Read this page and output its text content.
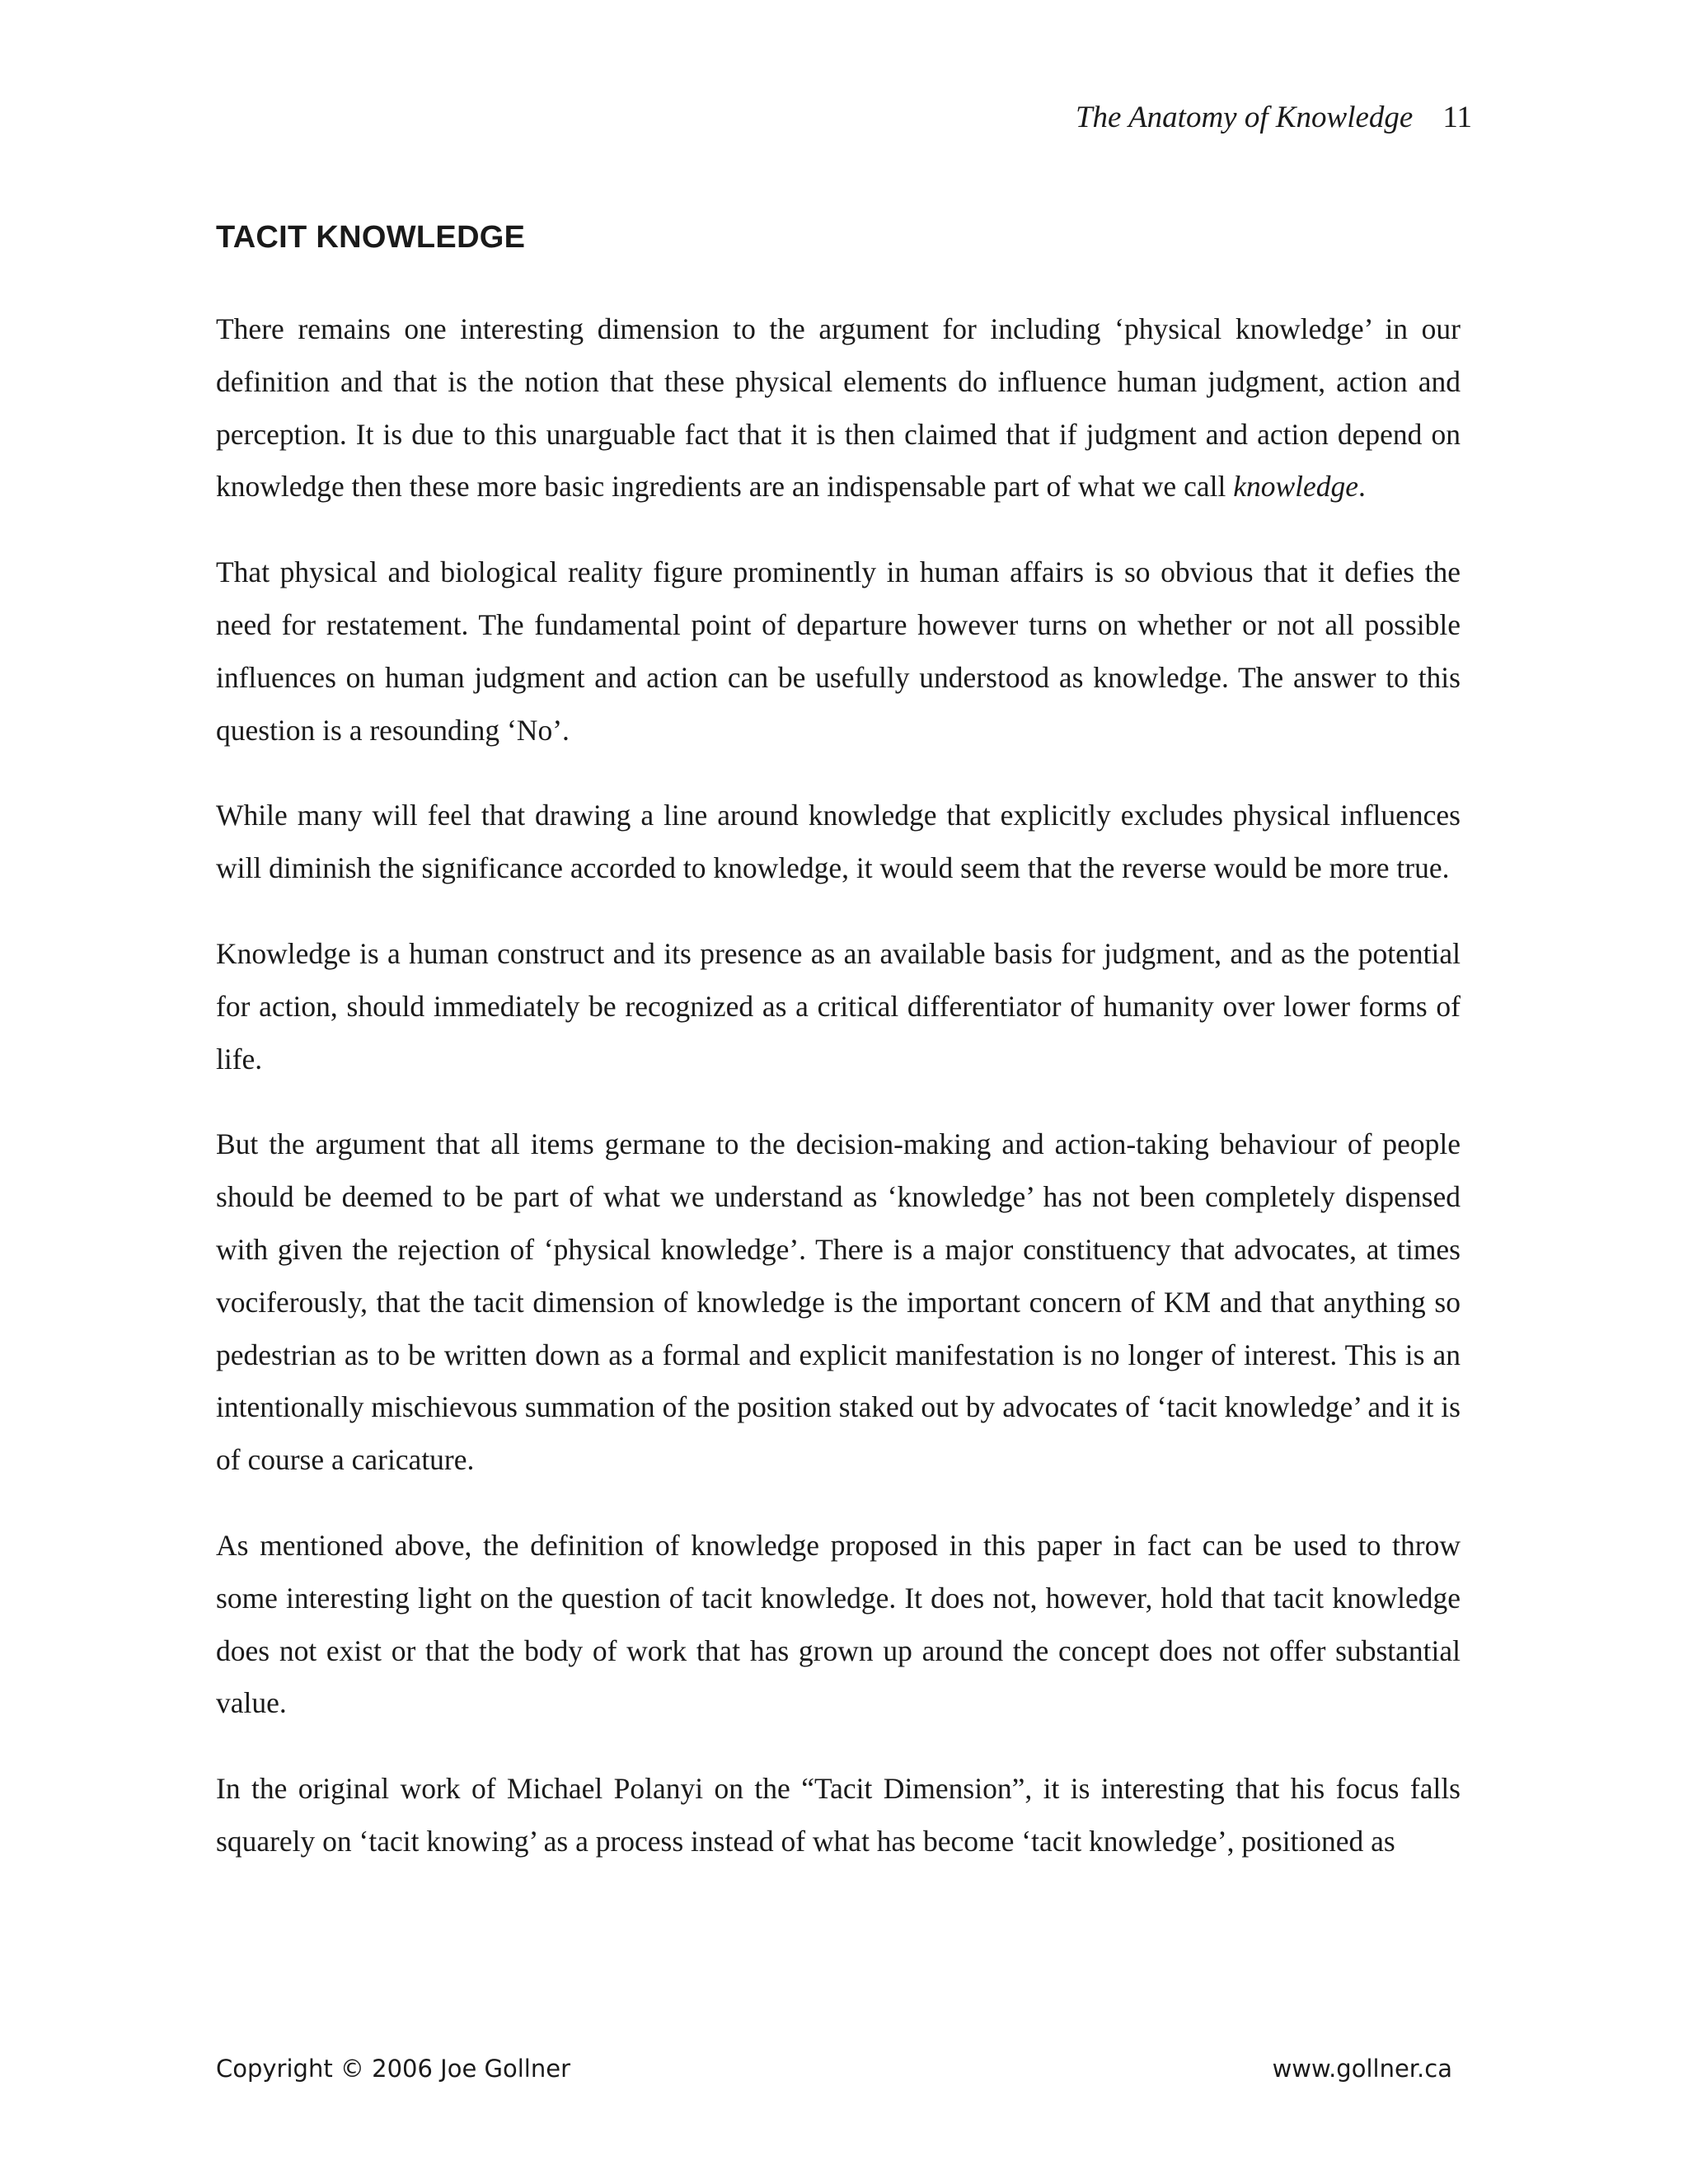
The Anatomy of Knowledge 11
TACIT KNOWLEDGE

There remains one interesting dimension to the argument for including ‘physical knowledge’ in our definition and that is the notion that these physical elements do influence human judgment, action and perception. It is due to this unarguable fact that it is then claimed that if judgment and action depend on knowledge then these more basic ingredients are an indispensable part of what we call knowledge.

That physical and biological reality figure prominently in human affairs is so obvious that it defies the need for restatement. The fundamental point of departure however turns on whether or not all possible influences on human judgment and action can be usefully understood as knowledge. The answer to this question is a resounding ‘No’.

While many will feel that drawing a line around knowledge that explicitly excludes physical influences will diminish the significance accorded to knowledge, it would seem that the reverse would be more true.

Knowledge is a human construct and its presence as an available basis for judgment, and as the potential for action, should immediately be recognized as a critical differentiator of humanity over lower forms of life.

But the argument that all items germane to the decision-making and action-taking behaviour of people should be deemed to be part of what we understand as ‘knowledge’ has not been completely dispensed with given the rejection of ‘physical knowledge’. There is a major constituency that advocates, at times vociferously, that the tacit dimension of knowledge is the important concern of KM and that anything so pedestrian as to be written down as a formal and explicit manifestation is no longer of interest. This is an intentionally mischievous summation of the position staked out by advocates of ‘tacit knowledge’ and it is of course a caricature.

As mentioned above, the definition of knowledge proposed in this paper in fact can be used to throw some interesting light on the question of tacit knowledge. It does not, however, hold that tacit knowledge does not exist or that the body of work that has grown up around the concept does not offer substantial value.

In the original work of Michael Polanyi on the “Tacit Dimension”, it is interesting that his focus falls squarely on ‘tacit knowing’ as a process instead of what has become ‘tacit knowledge’, positioned as

Copyright © 2006 Joe Gollner	www.gollner.ca
